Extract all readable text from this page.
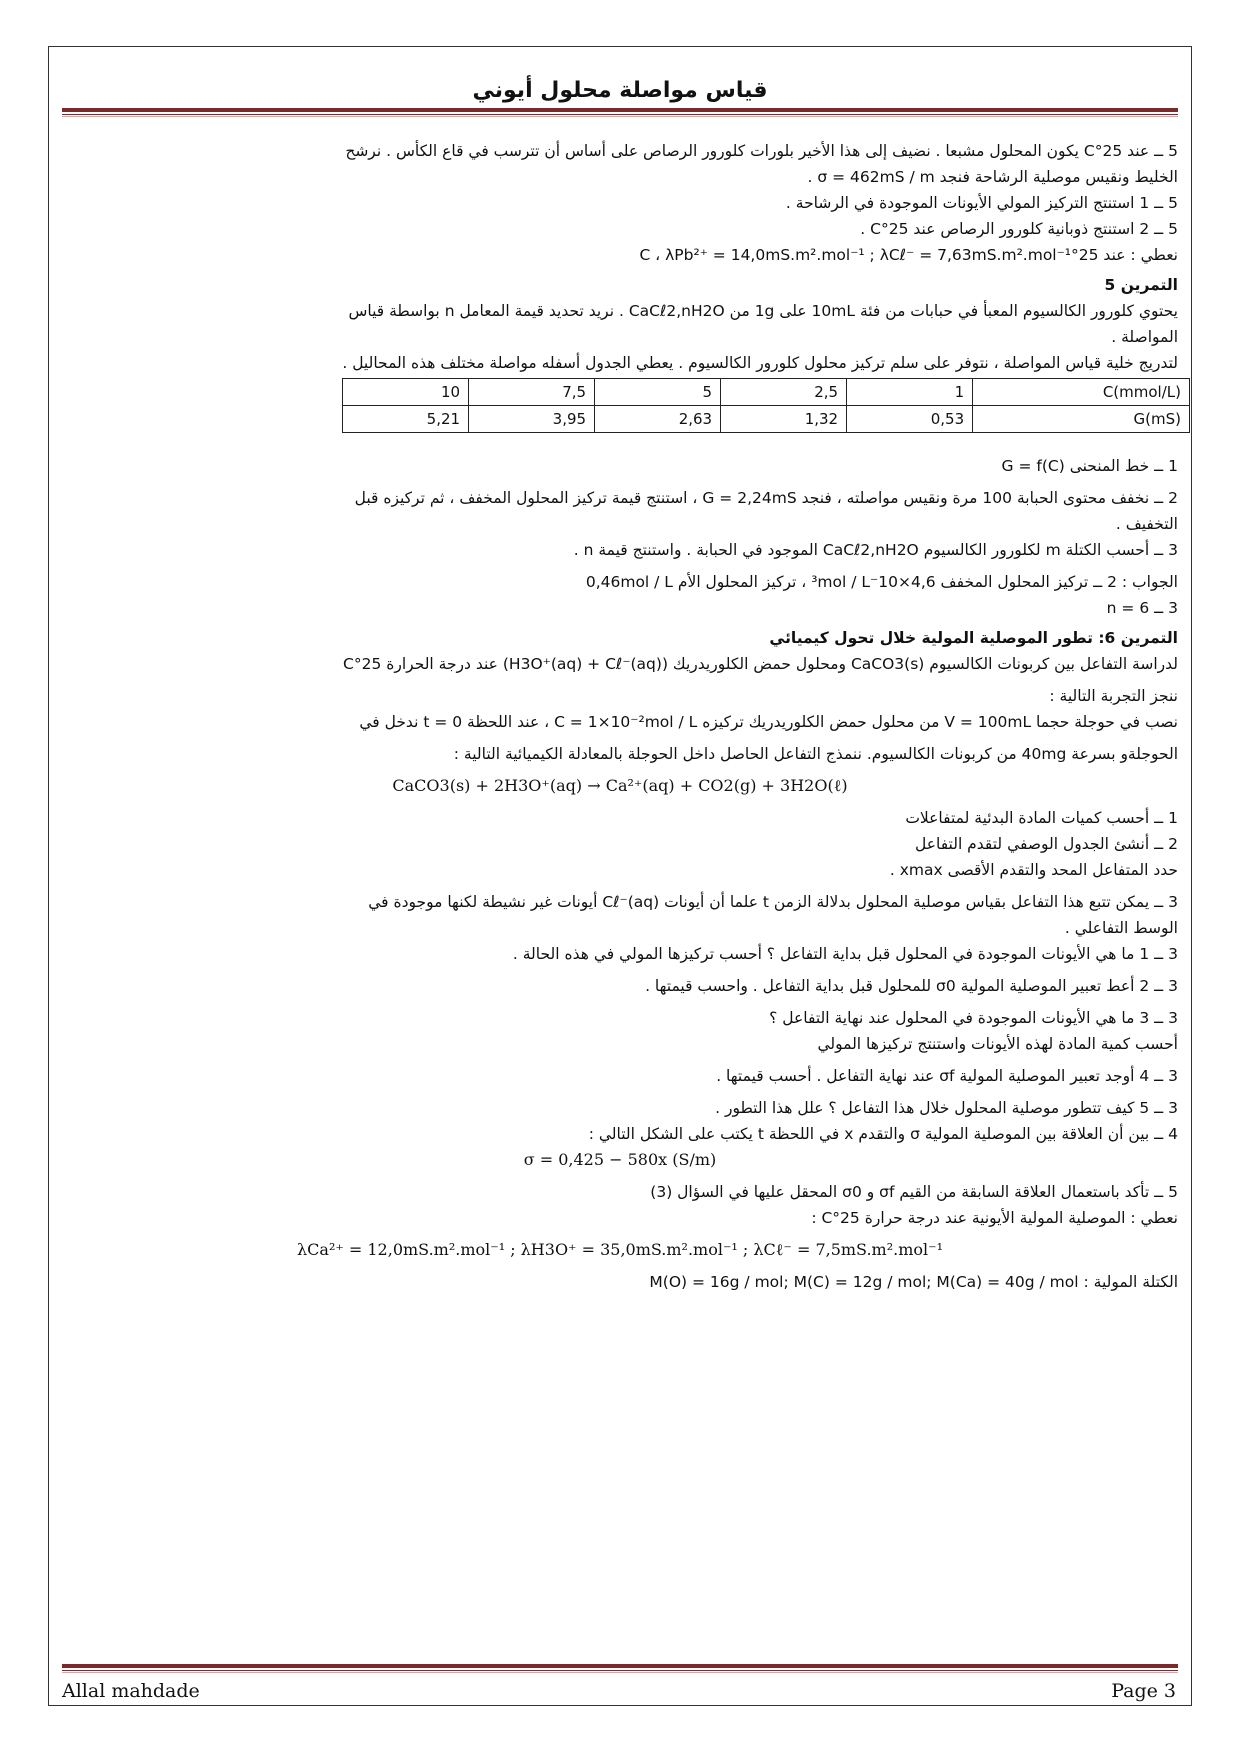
قياس مواصلة محلول أيوني

5 ــ عند 25°C يكون المحلول مشبعا . نضيف إلى هذا الأخير بلورات كلورور الرصاص على أساس أن تترسب في قاع الكأس . نرشح

الخليط ونقيس موصلية الرشاحة فنجد σ = 462mS / m .

5 ــ 1 استنتج التركيز المولي الأيونات الموجودة في الرشاحة .

5 ــ 2 استنتج ذوبانية كلورور الرصاص عند 25°C .

نعطي : عند 25°C ، λPb²⁺ = 14,0mS.m².mol⁻¹ ; λCℓ⁻ = 7,63mS.m².mol⁻¹

التمرين 5

يحتوي كلورور الكالسيوم المعبأ في حبابات من فئة 10mL على 1g من CaCℓ2,nH2O . نريد تحديد قيمة المعامل n بواسطة قياس

المواصلة .

لتدريج خلية قياس المواصلة ، نتوفر على سلم تركيز محلول كلورور الكالسيوم . يعطي الجدول أسفله مواصلة مختلف هذه المحاليل .

C(mmol/L)	1	2,5	5	7,5	10
G(mS)	0,53	1,32	2,63	3,95	5,21

1 ــ خط المنحنى G = f(C)

2 ــ نخفف محتوى الحبابة 100 مرة ونقيس مواصلته ، فنجد G = 2,24mS ، استنتج قيمة تركيز المحلول المخفف ، ثم تركيزه قبل

التخفيف .

3 ــ أحسب الكتلة m لكلورور الكالسيوم CaCℓ2,nH2O الموجود في الحبابة . واستنتج قيمة n .

الجواب : 2 ــ تركيز المحلول المخفف 4,6×10⁻³mol / L ، تركيز المحلول الأم 0,46mol / L

3 ــ n = 6

التمرين 6: تطور الموصلية المولية خلال تحول كيميائي

لدراسة التفاعل بين كربونات الكالسيوم CaCO3(s) ومحلول حمض الكلوريدريك (H3O⁺(aq) + Cℓ⁻(aq)) عند درجة الحرارة 25°C

ننجز التجربة التالية :

نصب في حوجلة حجما V = 100mL من محلول حمض الكلوريدريك تركيزه C = 1×10⁻²mol / L ، عند اللحظة t = 0 ندخل في

الحوجلةو بسرعة 40mg من كربونات الكالسيوم. ننمذج التفاعل الحاصل داخل الحوجلة بالمعادلة الكيميائية التالية :

CaCO3(s) + 2H3O⁺(aq) → Ca²⁺(aq) + CO2(g) + 3H2O(ℓ)

1 ــ أحسب كميات المادة البدئية لمتفاعلات

2 ــ أنشئ الجدول الوصفي لتقدم التفاعل

حدد المتفاعل المحد والتقدم الأقصى xmax .

3 ــ يمكن تتبع هذا التفاعل بقياس موصلية المحلول بدلالة الزمن t علما أن أيونات Cℓ⁻(aq) أيونات غير نشيطة لكنها موجودة في

الوسط التفاعلي .

3 ــ 1 ما هي الأيونات الموجودة في المحلول قبل بداية التفاعل ؟ أحسب تركيزها المولي في هذه الحالة .

3 ــ 2 أعط تعبير الموصلية المولية σ0 للمحلول قبل بداية التفاعل . واحسب قيمتها .

3 ــ 3 ما هي الأيونات الموجودة في المحلول عند نهاية التفاعل ؟

أحسب كمية المادة لهذه الأيونات واستنتج تركيزها المولي

3 ــ 4 أوجد تعبير الموصلية المولية σf عند نهاية التفاعل . أحسب قيمتها .

3 ــ 5 كيف تتطور موصلية المحلول خلال هذا التفاعل ؟ علل هذا التطور .

4 ــ بين أن العلاقة بين الموصلية المولية σ والتقدم x في اللحظة t يكتب على الشكل التالي :

σ = 0,425 − 580x (S/m)

5 ــ تأكد باستعمال العلاقة السابقة من القيم σf و σ0 المحقل عليها في السؤال (3)

نعطي : الموصلية المولية الأيونية عند درجة حرارة 25°C :

λCa²⁺ = 12,0mS.m².mol⁻¹ ; λH3O⁺ = 35,0mS.m².mol⁻¹ ; λCℓ⁻ = 7,5mS.m².mol⁻¹

الكتلة المولية : M(O) = 16g / mol; M(C) = 12g / mol; M(Ca) = 40g / mol

Allal mahdade	Page 3
